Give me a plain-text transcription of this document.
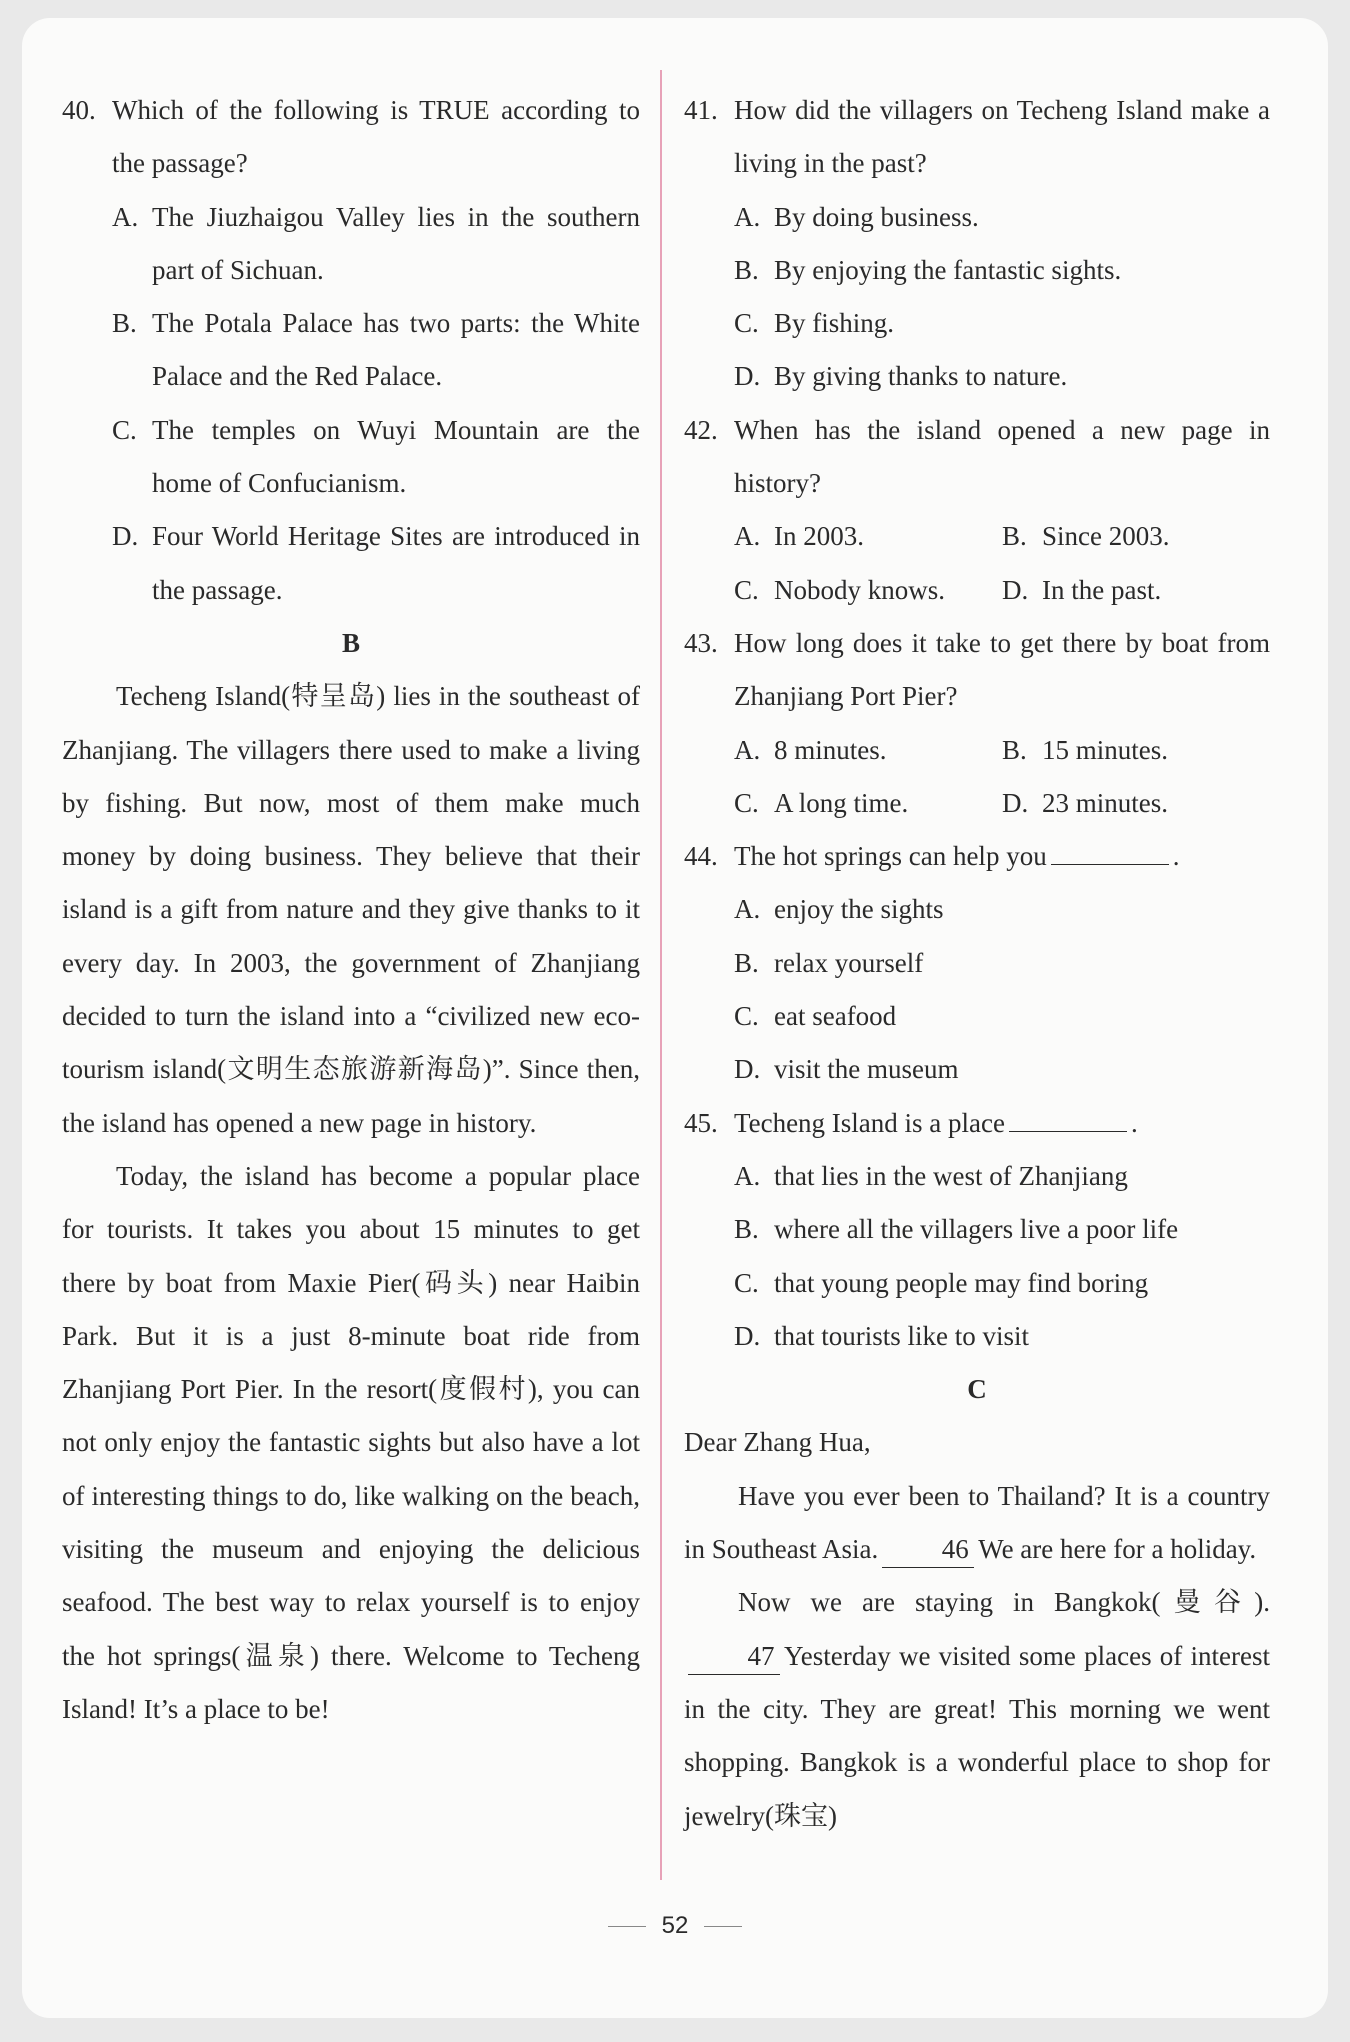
40. Which of the following is TRUE according to the passage?
A. The Jiuzhaigou Valley lies in the southern part of Sichuan.
B. The Potala Palace has two parts: the White Palace and the Red Palace.
C. The temples on Wuyi Mountain are the home of Confucianism.
D. Four World Heritage Sites are introduced in the passage.
B
Techeng Island(特呈岛) lies in the southeast of Zhanjiang. The villagers there used to make a living by fishing. But now, most of them make much money by doing business. They believe that their island is a gift from nature and they give thanks to it every day. In 2003, the government of Zhanjiang decided to turn the island into a “civilized new eco-tourism island(文明生态旅游新海岛)”. Since then, the island has opened a new page in history.
Today, the island has become a popular place for tourists. It takes you about 15 minutes to get there by boat from Maxie Pier(码头) near Haibin Park. But it is a just 8-minute boat ride from Zhanjiang Port Pier. In the resort(度假村), you can not only enjoy the fantastic sights but also have a lot of interesting things to do, like walking on the beach, visiting the museum and enjoying the delicious seafood. The best way to relax yourself is to enjoy the hot springs(温泉) there. Welcome to Techeng Island! It’s a place to be!
41. How did the villagers on Techeng Island make a living in the past?
A. By doing business.
B. By enjoying the fantastic sights.
C. By fishing.
D. By giving thanks to nature.
42. When has the island opened a new page in history?
A. In 2003.	B. Since 2003.
C. Nobody knows. D. In the past.
43. How long does it take to get there by boat from Zhanjiang Port Pier?
A. 8 minutes.	B. 15 minutes.
C. A long time.	D. 23 minutes.
44. The hot springs can help you	.
A. enjoy the sights
B. relax yourself
C. eat seafood
D. visit the museum
45. Techeng Island is a place	.
A. that lies in the west of Zhanjiang
B. where all the villagers live a poor life
C. that young people may find boring
D. that tourists like to visit
C
Dear Zhang Hua,
Have you ever been to Thailand? It is a country in Southeast Asia. 46 We are here for a holiday.
Now we are staying in Bangkok(曼谷). 47 Yesterday we visited some places of interest in the city. They are great! This morning we went shopping. Bangkok is a wonderful place to shop for jewelry(珠宝)
52
